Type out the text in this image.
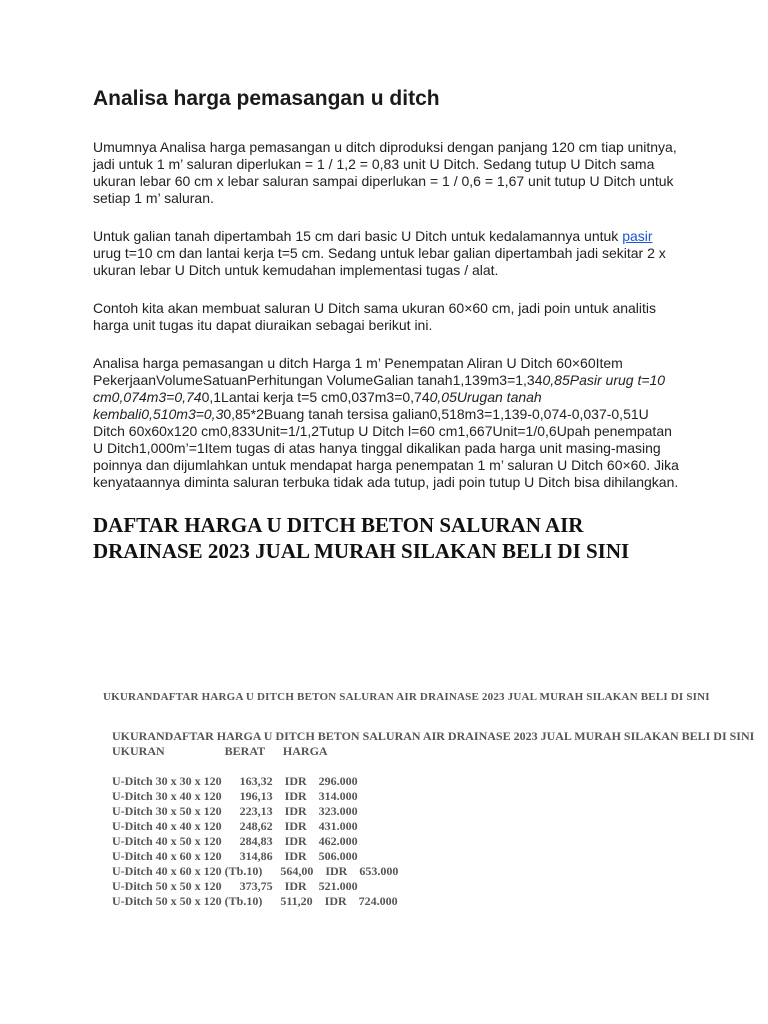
Analisa harga pemasangan u ditch

Umumnya Analisa harga pemasangan u ditch diproduksi dengan panjang 120 cm tiap unitnya, jadi untuk 1 m’ saluran diperlukan = 1 / 1,2 = 0,83 unit U Ditch. Sedang tutup U Ditch sama ukuran lebar 60 cm x lebar saluran sampai diperlukan = 1 / 0,6 = 1,67 unit tutup U Ditch untuk setiap 1 m’ saluran.

Untuk galian tanah dipertambah 15 cm dari basic U Ditch untuk kedalamannya untuk pasir urug t=10 cm dan lantai kerja t=5 cm. Sedang untuk lebar galian dipertambah jadi sekitar 2 x ukuran lebar U Ditch untuk kemudahan implementasi tugas / alat.

Contoh kita akan membuat saluran U Ditch sama ukuran 60×60 cm, jadi poin untuk analitis harga unit tugas itu dapat diuraikan sebagai berikut ini.

Analisa harga pemasangan u ditch Harga 1 m’ Penempatan Aliran U Ditch 60×60Item PekerjaanVolumeSatuanPerhitungan VolumeGalian tanah1,139m3=1,340,85Pasir urug t=10 cm0,074m3=0,740,1Lantai kerja t=5 cm0,037m3=0,740,05Urugan tanah kembali0,510m3=0,30,85*2Buang tanah tersisa galian0,518m3=1,139-0,074-0,037-0,51U Ditch 60x60x120 cm0,833Unit=1/1,2Tutup U Ditch l=60 cm1,667Unit=1/0,6Upah penempatan U Ditch1,000m’=1Item tugas di atas hanya tinggal dikalikan pada harga unit masing-masing poinnya dan dijumlahkan untuk mendapat harga penempatan 1 m’ saluran U Ditch 60×60. Jika kenyataannya diminta saluran terbuka tidak ada tutup, jadi poin tutup U Ditch bisa dihilangkan.

DAFTAR HARGA U DITCH BETON SALURAN AIR DRAINASE 2023 JUAL MURAH SILAKAN BELI DI SINI
UKURANDAFTAR HARGA U DITCH BETON SALURAN AIR DRAINASE 2023 JUAL MURAH SILAKAN BELI DI SINI
UKURANDAFTAR HARGA U DITCH BETON SALURAN AIR DRAINASE 2023 JUAL MURAH SILAKAN BELI DI SINI
UKURAN                    BERAT      HARGA
U-Ditch 30 x 30 x 120      163,32    IDR    296.000
U-Ditch 30 x 40 x 120      196,13    IDR    314.000
U-Ditch 30 x 50 x 120      223,13    IDR    323.000
U-Ditch 40 x 40 x 120      248,62    IDR    431.000
U-Ditch 40 x 50 x 120      284,83    IDR    462.000
U-Ditch 40 x 60 x 120      314,86    IDR    506.000
U-Ditch 40 x 60 x 120 (Tb.10)      564,00    IDR    653.000
U-Ditch 50 x 50 x 120      373,75    IDR    521.000
U-Ditch 50 x 50 x 120 (Tb.10)      511,20    IDR    724.000
